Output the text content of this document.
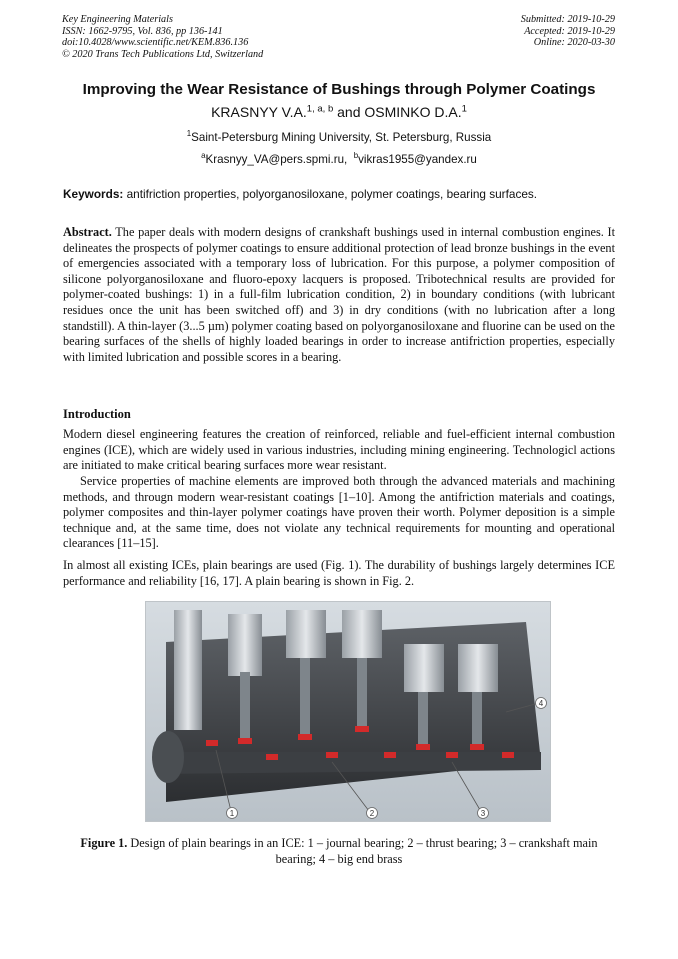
Key Engineering Materials
ISSN: 1662-9795, Vol. 836, pp 136-141
doi:10.4028/www.scientific.net/KEM.836.136
© 2020 Trans Tech Publications Ltd, Switzerland
Submitted: 2019-10-29
Accepted: 2019-10-29
Online: 2020-03-30
Improving the Wear Resistance of Bushings through Polymer Coatings
KRASNYY V.A.$^{1, a, b}$ and OSMINKO D.A.$^1$
$^1$Saint-Petersburg Mining University, St. Petersburg, Russia
$^a$Krasnyy_VA@pers.spmi.ru, $^b$vikras1955@yandex.ru
Keywords: antifriction properties, polyorganosiloxane, polymer coatings, bearing surfaces.
Abstract. The paper deals with modern designs of crankshaft bushings used in internal combustion engines. It delineates the prospects of polymer coatings to ensure additional protection of lead bronze bushings in the event of emergencies associated with a temporary loss of lubrication. For this purpose, a polymer composition of silicone polyorganosiloxane and fluoro-epoxy lacquers is proposed. Tribotechnical results are provided for polymer-coated bushings: 1) in a full-film lubrication condition, 2) in boundary conditions (with lubricant residues once the unit has been switched off) and 3) in dry conditions (with no lubrication after a long standstill). A thin-layer (3...5 µm) polymer coating based on polyorganosiloxane and fluorine can be used on the bearing surfaces of the shells of highly loaded bearings in order to increase antifriction properties, especially with limited lubrication and possible scores in a bearing.
Introduction
Modern diesel engineering features the creation of reinforced, reliable and fuel-efficient internal combustion engines (ICE), which are widely used in various industries, including mining engineering. Technologicl actions are initiated to make critical bearing surfaces more wear resistant.
Service properties of machine elements are improved both through the advanced materials and machining methods, and througn modern wear-resistant coatings [1–10]. Among the antifriction materials and coatings, polymer composites and thin-layer polymer coatings have proven their worth. Polymer deposition is a simple technique and, at the same time, does not violate any technical requirements for mounting and operational clearances [11–15].
In almost all existing ICEs, plain bearings are used (Fig. 1). The durability of bushings largely determines ICE performance and reliability [16, 17]. A plain bearing is shown in Fig. 2.
1	2	3
4
Figure 1. Design of plain bearings in an ICE: 1 – journal bearing; 2 – thrust bearing; 3 – crankshaft main bearing; 4 – big end brass
